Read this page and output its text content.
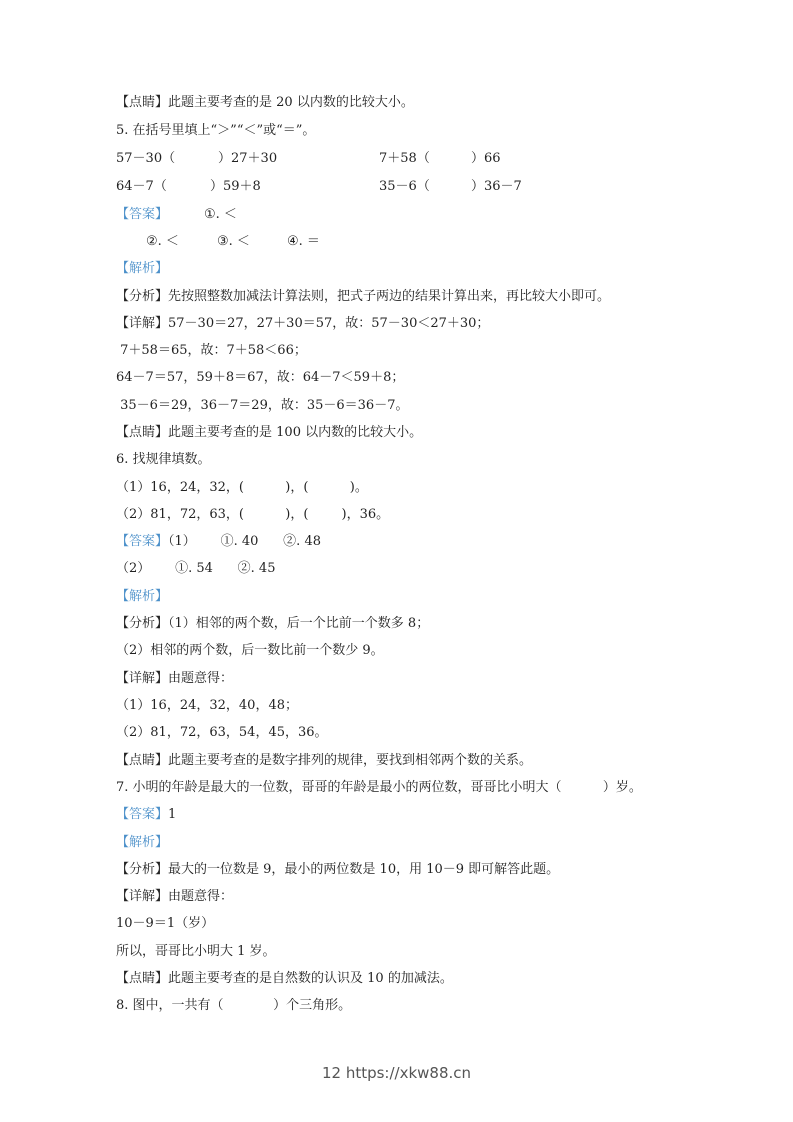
【点睛】此题主要考查的是 20 以内数的比较大小。
5. 在括号里填上“＞”“＜”或“＝”。
57－30（	）27＋30	7＋58（	）66
64－7（	）59＋8	35－6（	）36－7
【答案】	①. ＜
②. ＜	③. ＜	④. ＝
【解析】
【分析】先按照整数加减法计算法则，把式子两边的结果计算出来，再比较大小即可。
【详解】57－30＝27，27＋30＝57，故：57－30＜27＋30；
7＋58＝65，故：7＋58＜66；
64－7＝57，59＋8＝67，故：64－7＜59＋8；
35－6＝29，36－7＝29，故：35－6＝36－7。
【点睛】此题主要考查的是 100 以内数的比较大小。
6. 找规律填数。
（1）16，24，32，(          )，(          )。
（2）81，72，63，(          )，(        )，36。
【答案】（1）      ①. 40      ②. 48
（2）      ①. 54      ②. 45
【解析】
【分析】（1）相邻的两个数，后一个比前一个数多 8；
（2）相邻的两个数，后一数比前一个数少 9。
【详解】由题意得：
（1）16，24，32，40，48；
（2）81，72，63，54，45，36。
【点睛】此题主要考查的是数字排列的规律，要找到相邻两个数的关系。
7. 小明的年龄是最大的一位数，哥哥的年龄是最小的两位数，哥哥比小明大（          ）岁。
【答案】1
【解析】
【分析】最大的一位数是 9，最小的两位数是 10，用 10－9 即可解答此题。
【详解】由题意得：
10－9＝1（岁）
所以，哥哥比小明大 1 岁。
【点睛】此题主要考查的是自然数的认识及 10 的加减法。
8. 图中，一共有（            ）个三角形。
12 https://xkw88.cn
